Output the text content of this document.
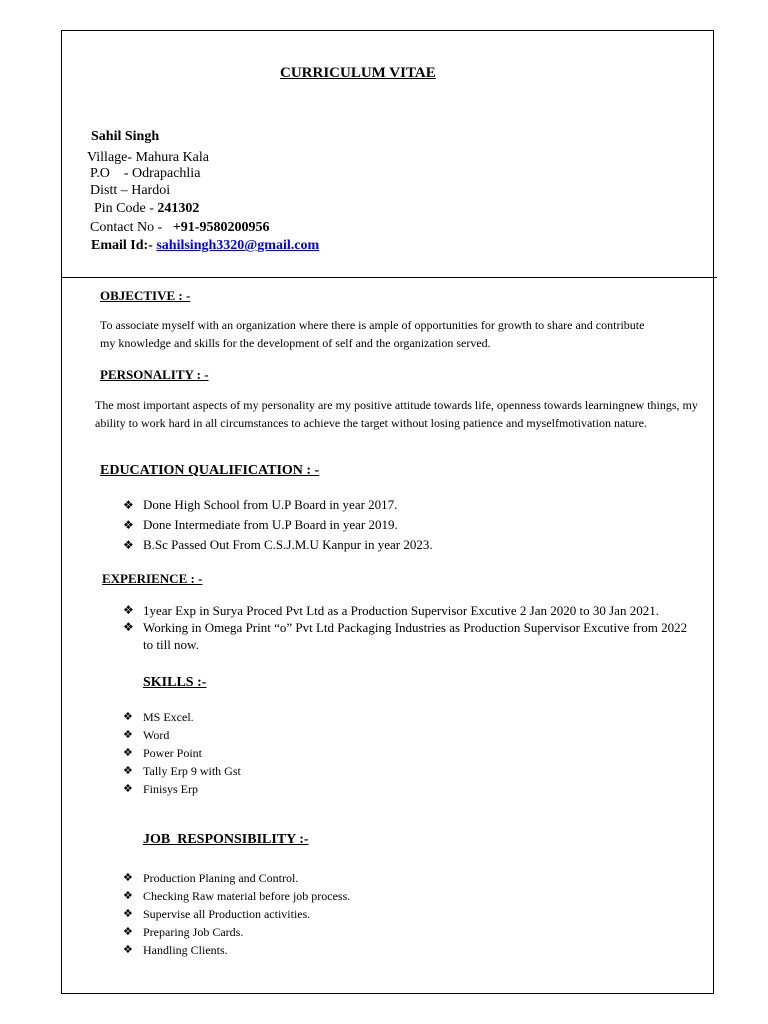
CURRICULUM VITAE
Sahil Singh
Village- Mahura Kala
P.O    - Odrapachlia
Distt – Hardoi
Pin Code - 241302
Contact No -   +91-9580200956
Email Id:- sahilsingh3320@gmail.com
OBJECTIVE : -
To associate myself with an organization where there is ample of opportunities for growth to share and contribute my knowledge and skills for the development of self and the organization served.
PERSONALITY : -
The most important aspects of my personality are my positive attitude towards life, openness towards learningnew things, my ability to work hard in all circumstances to achieve the target without losing patience and myselfmotivation nature.
EDUCATION QUALIFICATION : -
❖ Done High School from U.P Board in year 2017.
❖ Done Intermediate from U.P Board in year 2019.
❖ B.Sc Passed Out From C.S.J.M.U Kanpur in year 2023.
EXPERIENCE : -
❖ 1year Exp in Surya Proced Pvt Ltd as a Production Supervisor Excutive 2 Jan 2020 to 30 Jan 2021.
❖ Working in Omega Print “o” Pvt Ltd Packaging Industries as Production Supervisor Excutive from 2022 to till now.
SKILLS :-
❖ MS Excel.
❖ Word
❖ Power Point
❖ Tally Erp 9 with Gst
❖ Finisys Erp
JOB  RESPONSIBILITY :-
❖ Production Planing and Control.
❖ Checking Raw material before job process.
❖ Supervise all Production activities.
❖ Preparing Job Cards.
❖ Handling Clients.
